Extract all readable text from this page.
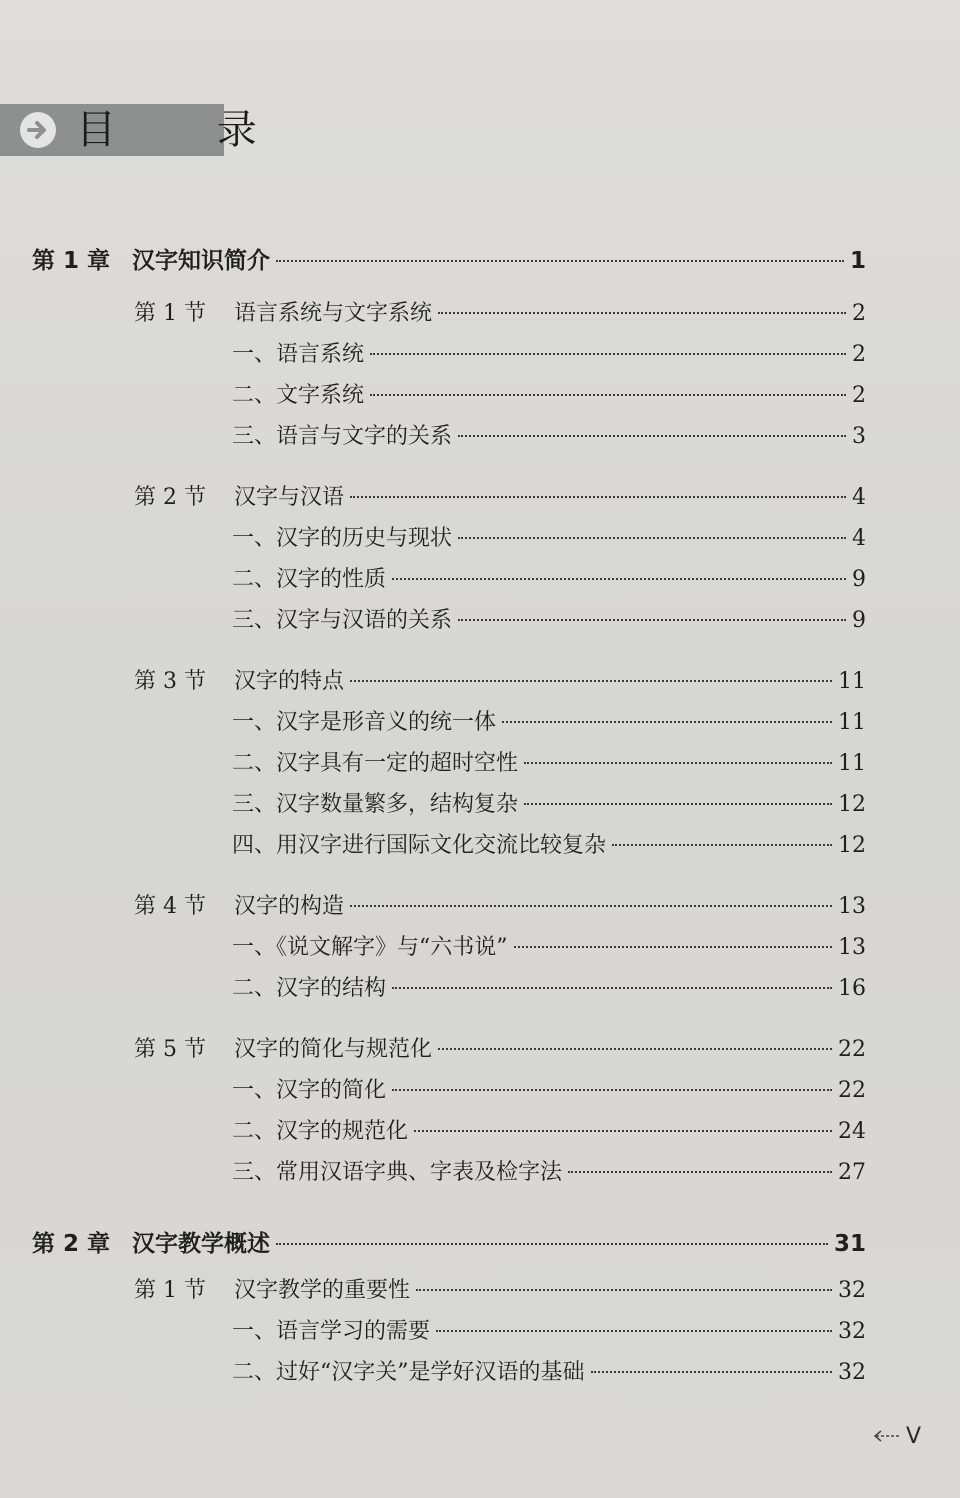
目 录
第 1 章 汉字知识简介	1
第 1 节	语言系统与文字系统	2
一、语言系统	2
二、文字系统	2
三、语言与文字的关系	3
第 2 节	汉字与汉语	4
一、汉字的历史与现状	4
二、汉字的性质	9
三、汉字与汉语的关系	9
第 3 节	汉字的特点	11
一、汉字是形音义的统一体	11
二、汉字具有一定的超时空性	11
三、汉字数量繁多，结构复杂	12
四、用汉字进行国际文化交流比较复杂	12
第 4 节	汉字的构造	13
一、《说文解字》与“六书说”	13
二、汉字的结构	16
第 5 节	汉字的简化与规范化	22
一、汉字的简化	22
二、汉字的规范化	24
三、常用汉语字典、字表及检字法	27
第 2 章 汉字教学概述	31
第 1 节	汉字教学的重要性	32
一、语言学习的需要	32
二、过好“汉字关”是学好汉语的基础	32
V
